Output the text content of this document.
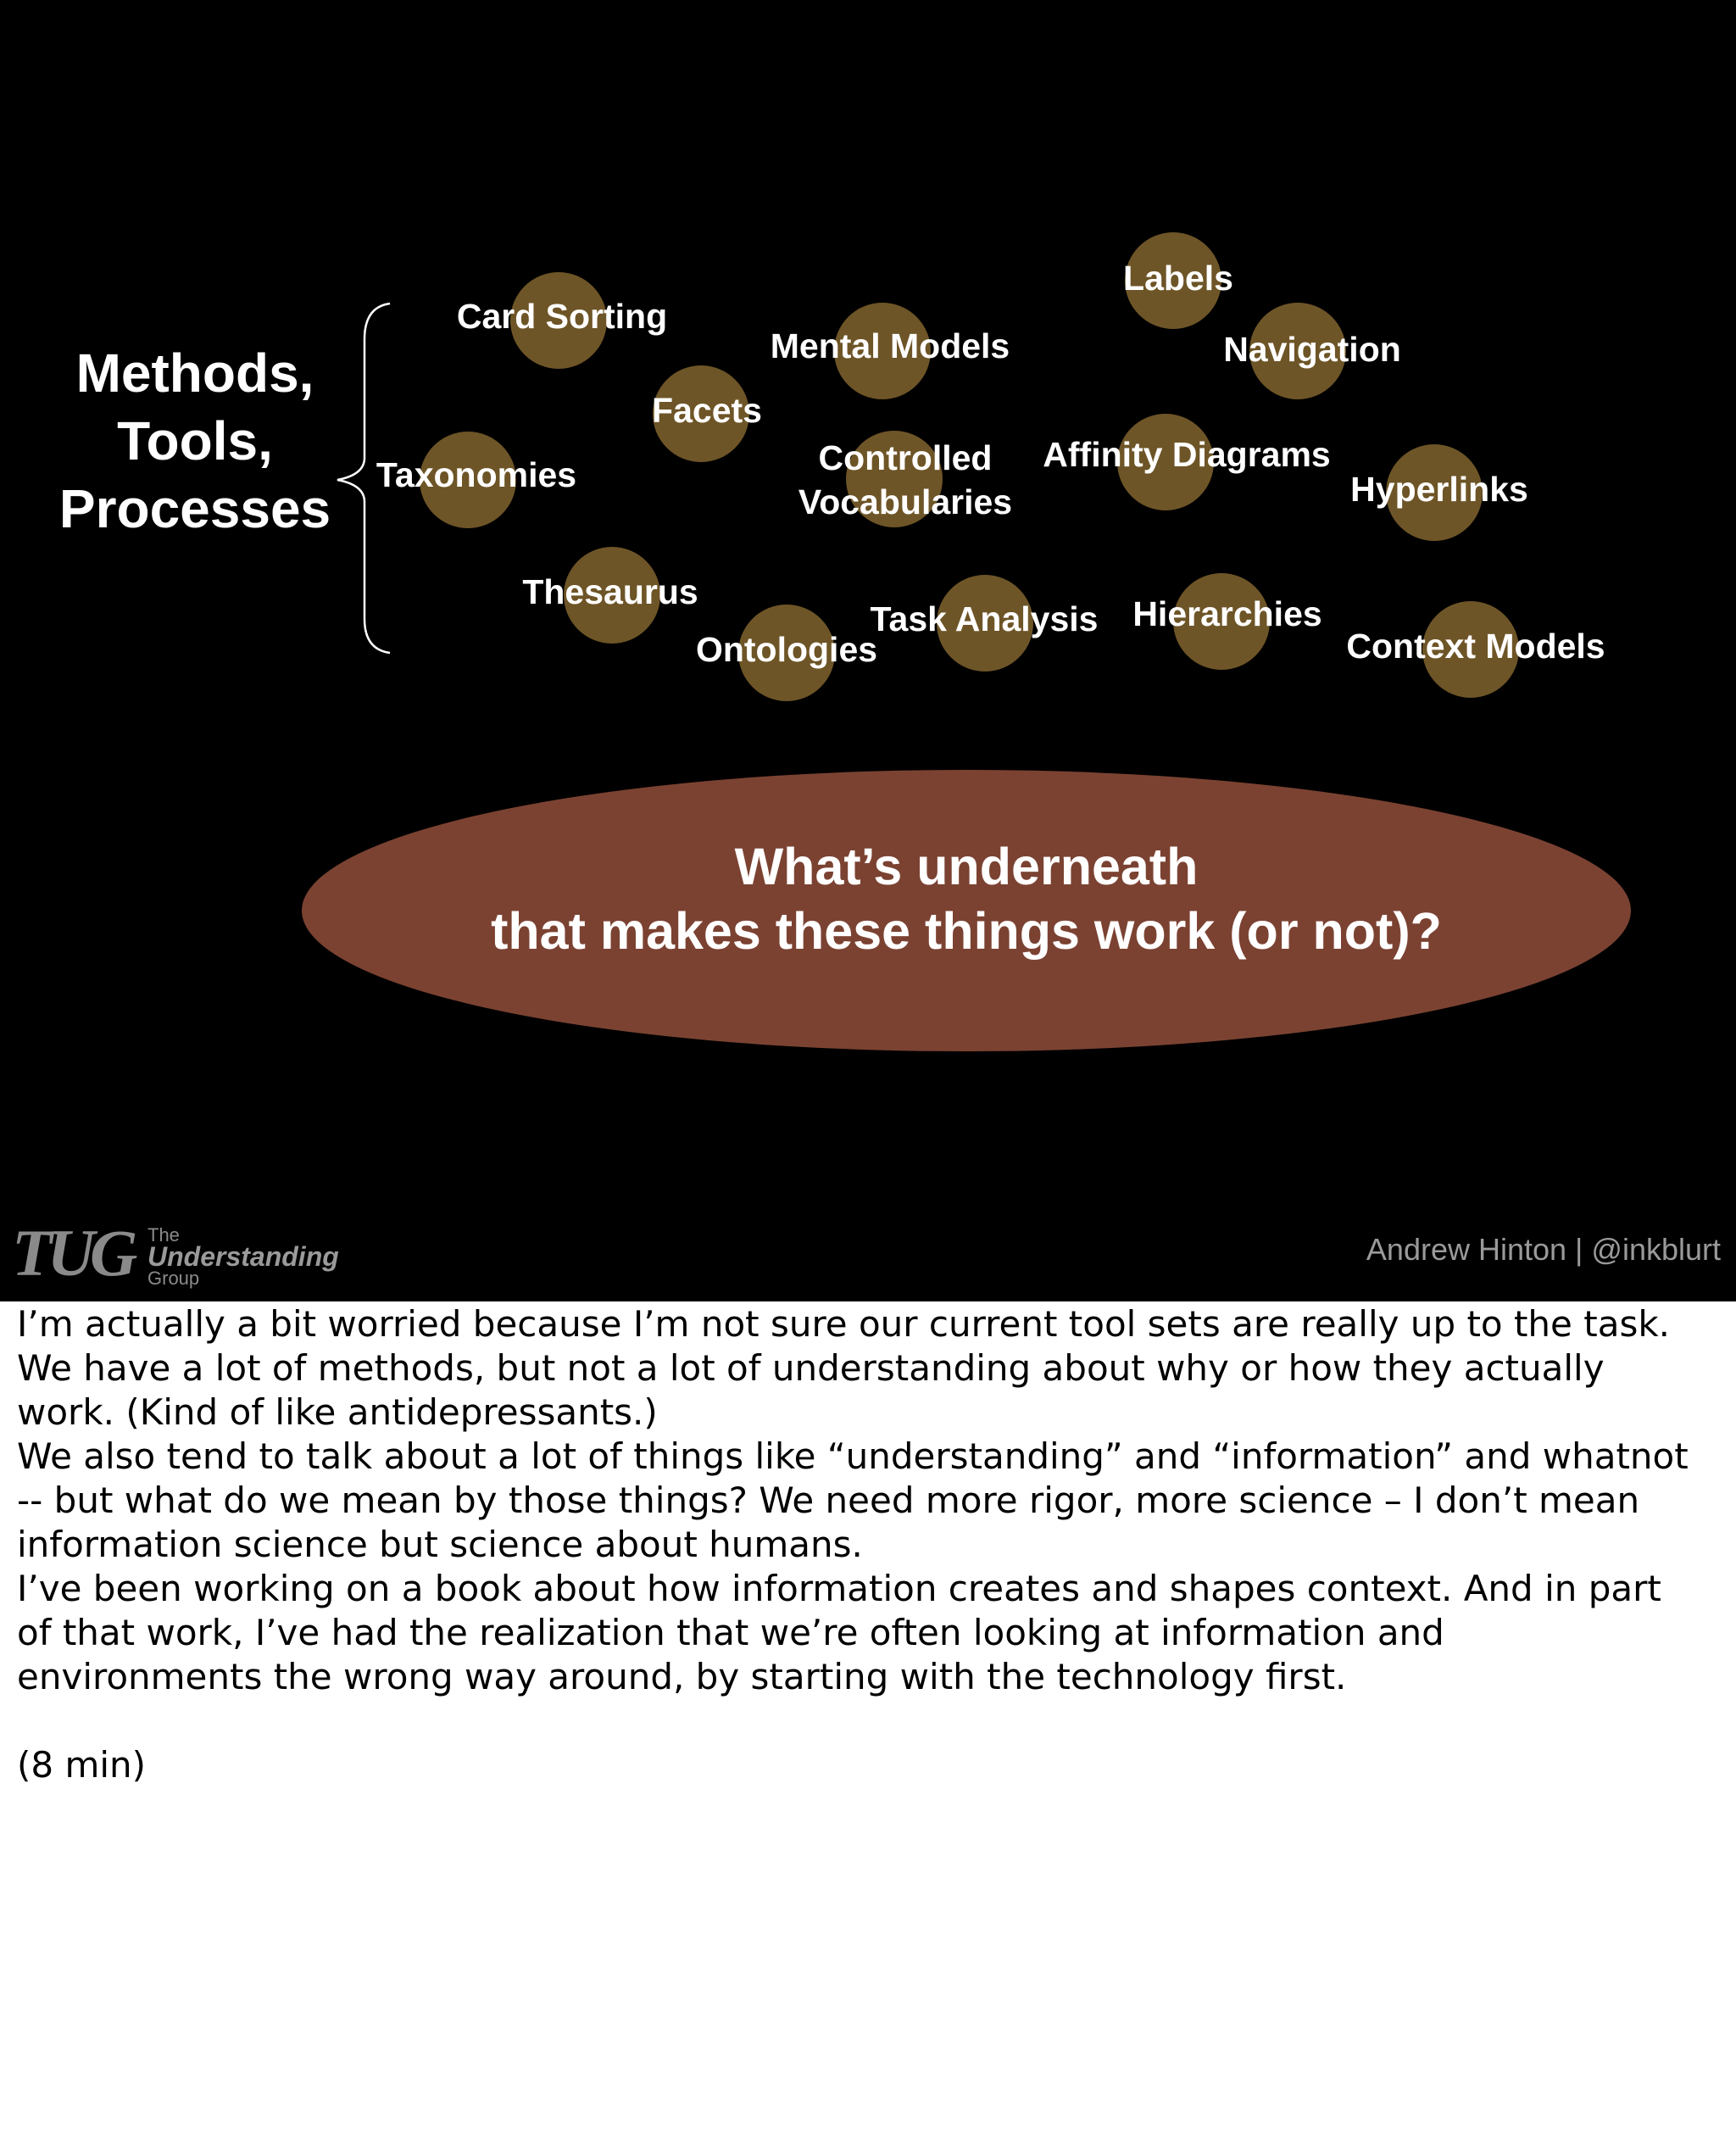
Methods,
Tools,
Processes
Card Sorting
Mental Models
Labels
Navigation
Facets
Taxonomies	Controlled
Vocabularies
Affinity Diagrams
Hyperlinks
Thesaurus
Ontologies
Task Analysis Hierarchies
Context Models
What’s underneath
that makes these things work (or not)?
TUG The
Understanding
Group
Andrew Hinton | @inkblurt

I’m actually a bit worried because I’m not sure our current tool sets are really up to the task.

We have a lot of methods, but not a lot of understanding about why or how they actually

work. (Kind of like antidepressants.)

We also tend to talk about a lot of things like “understanding” and “information” and whatnot

-- but what do we mean by those things? We need more rigor, more science – I don’t mean

information science but science about humans.

I’ve been working on a book about how information creates and shapes context. And in part

of that work, I’ve had the realization that we’re often looking at information and

environments the wrong way around, by starting with the technology first.

(8 min)
